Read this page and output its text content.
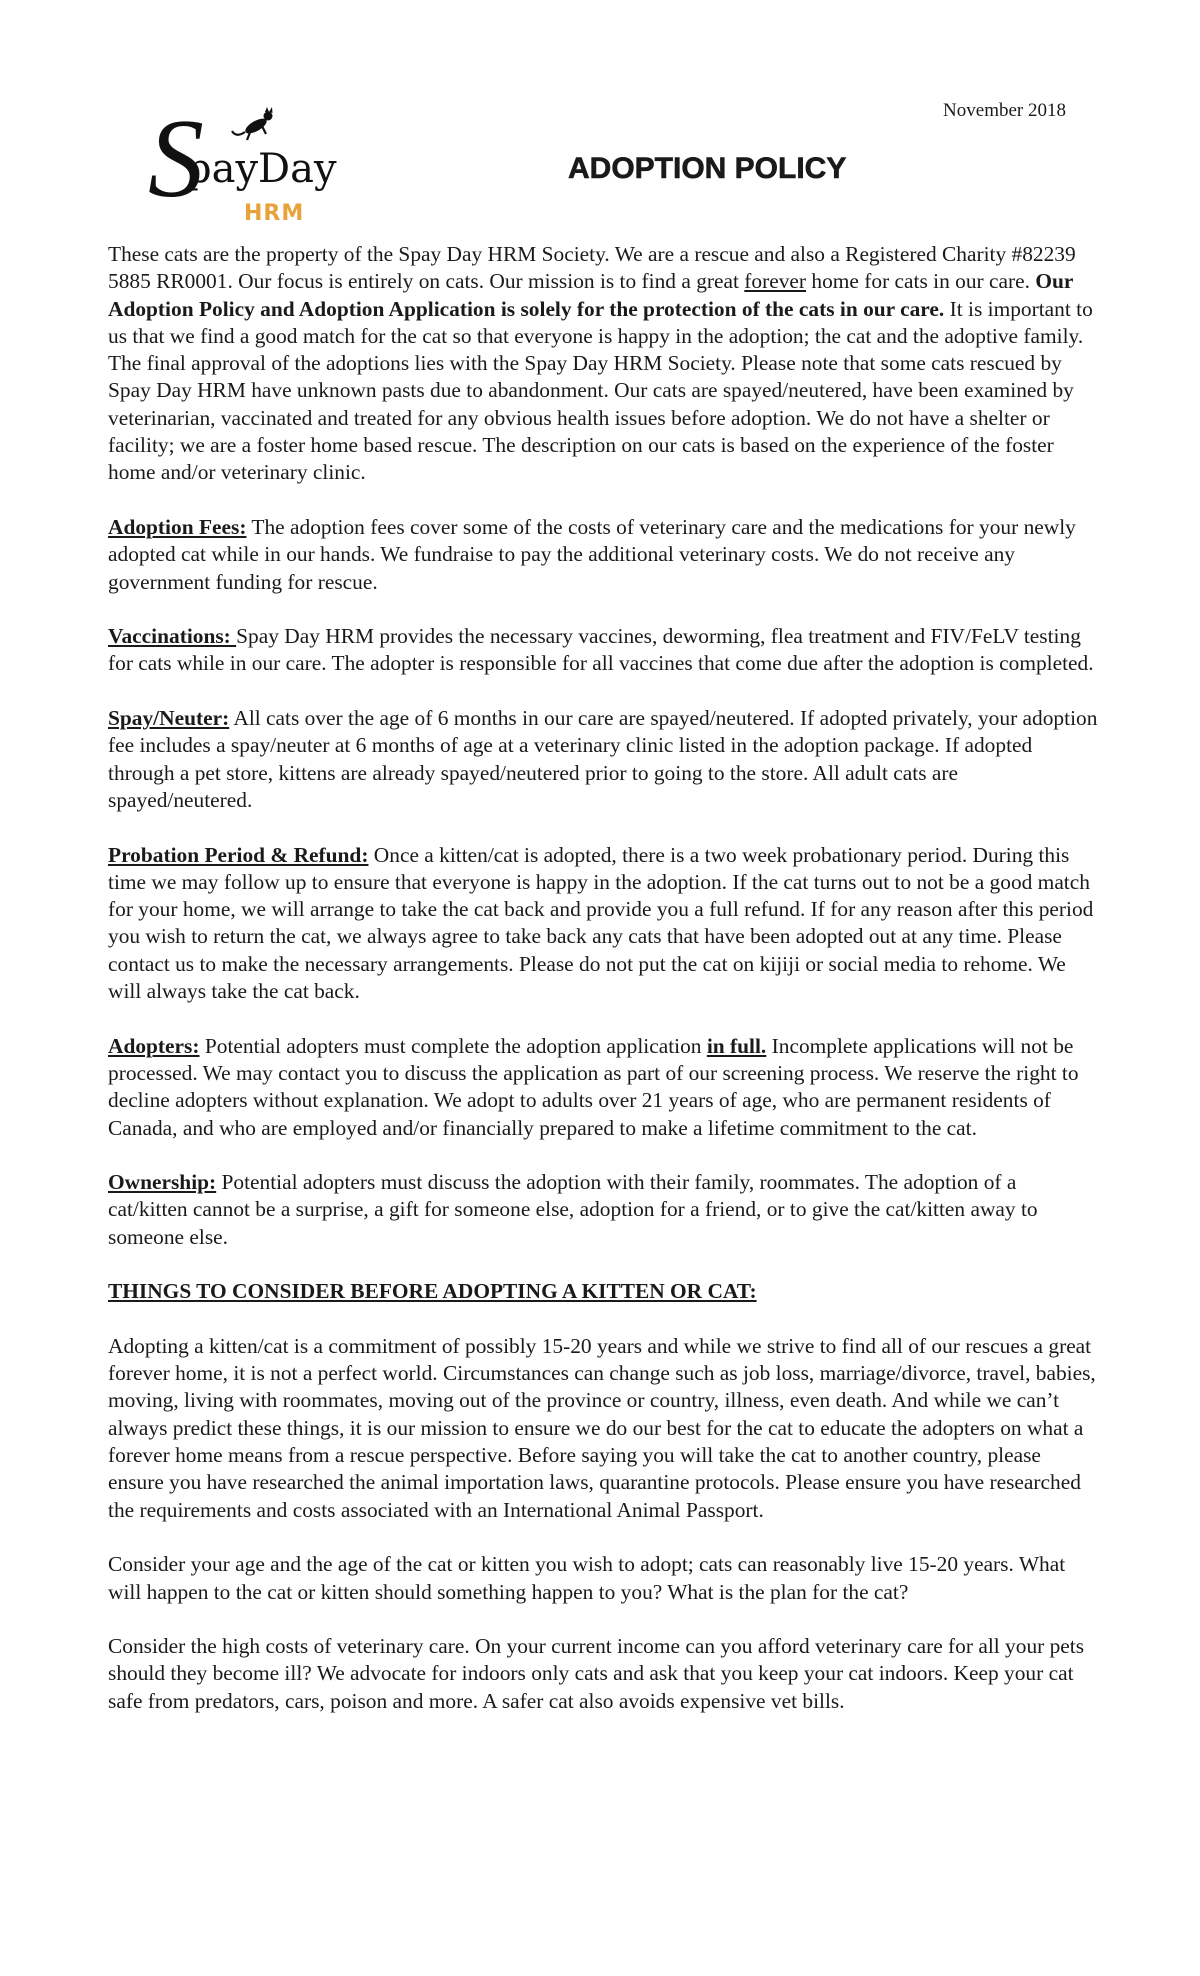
November 2018
S
payDay
HRM
ADOPTION POLICY

These cats are the property of the Spay Day HRM Society. We are a rescue and also a Registered Charity #82239 5885 RR0001. Our focus is entirely on cats. Our mission is to find a great forever home for cats in our care. Our Adoption Policy and Adoption Application is solely for the protection of the cats in our care. It is important to us that we find a good match for the cat so that everyone is happy in the adoption; the cat and the adoptive family. The final approval of the adoptions lies with the Spay Day HRM Society. Please note that some cats rescued by Spay Day HRM have unknown pasts due to abandonment. Our cats are spayed/neutered, have been examined by veterinarian, vaccinated and treated for any obvious health issues before adoption. We do not have a shelter or facility; we are a foster home based rescue. The description on our cats is based on the experience of the foster home and/or veterinary clinic.

Adoption Fees: The adoption fees cover some of the costs of veterinary care and the medications for your newly adopted cat while in our hands. We fundraise to pay the additional veterinary costs. We do not receive any government funding for rescue.

Vaccinations: Spay Day HRM provides the necessary vaccines, deworming, flea treatment and FIV/FeLV testing for cats while in our care. The adopter is responsible for all vaccines that come due after the adoption is completed.

Spay/Neuter: All cats over the age of 6 months in our care are spayed/neutered. If adopted privately, your adoption fee includes a spay/neuter at 6 months of age at a veterinary clinic listed in the adoption package. If adopted through a pet store, kittens are already spayed/neutered prior to going to the store. All adult cats are spayed/neutered.

Probation Period & Refund: Once a kitten/cat is adopted, there is a two week probationary period. During this time we may follow up to ensure that everyone is happy in the adoption. If the cat turns out to not be a good match for your home, we will arrange to take the cat back and provide you a full refund. If for any reason after this period you wish to return the cat, we always agree to take back any cats that have been adopted out at any time. Please contact us to make the necessary arrangements. Please do not put the cat on kijiji or social media to rehome. We will always take the cat back.

Adopters: Potential adopters must complete the adoption application in full. Incomplete applications will not be processed. We may contact you to discuss the application as part of our screening process. We reserve the right to decline adopters without explanation. We adopt to adults over 21 years of age, who are permanent residents of Canada, and who are employed and/or financially prepared to make a lifetime commitment to the cat.

Ownership: Potential adopters must discuss the adoption with their family, roommates. The adoption of a cat/kitten cannot be a surprise, a gift for someone else, adoption for a friend, or to give the cat/kitten away to someone else.

THINGS TO CONSIDER BEFORE ADOPTING A KITTEN OR CAT:

Adopting a kitten/cat is a commitment of possibly 15-20 years and while we strive to find all of our rescues a great forever home, it is not a perfect world. Circumstances can change such as job loss, marriage/divorce, travel, babies, moving, living with roommates, moving out of the province or country, illness, even death. And while we can’t always predict these things, it is our mission to ensure we do our best for the cat to educate the adopters on what a forever home means from a rescue perspective. Before saying you will take the cat to another country, please ensure you have researched the animal importation laws, quarantine protocols. Please ensure you have researched the requirements and costs associated with an International Animal Passport.

Consider your age and the age of the cat or kitten you wish to adopt; cats can reasonably live 15-20 years. What will happen to the cat or kitten should something happen to you? What is the plan for the cat?

Consider the high costs of veterinary care. On your current income can you afford veterinary care for all your pets should they become ill? We advocate for indoors only cats and ask that you keep your cat indoors. Keep your cat safe from predators, cars, poison and more. A safer cat also avoids expensive vet bills.
